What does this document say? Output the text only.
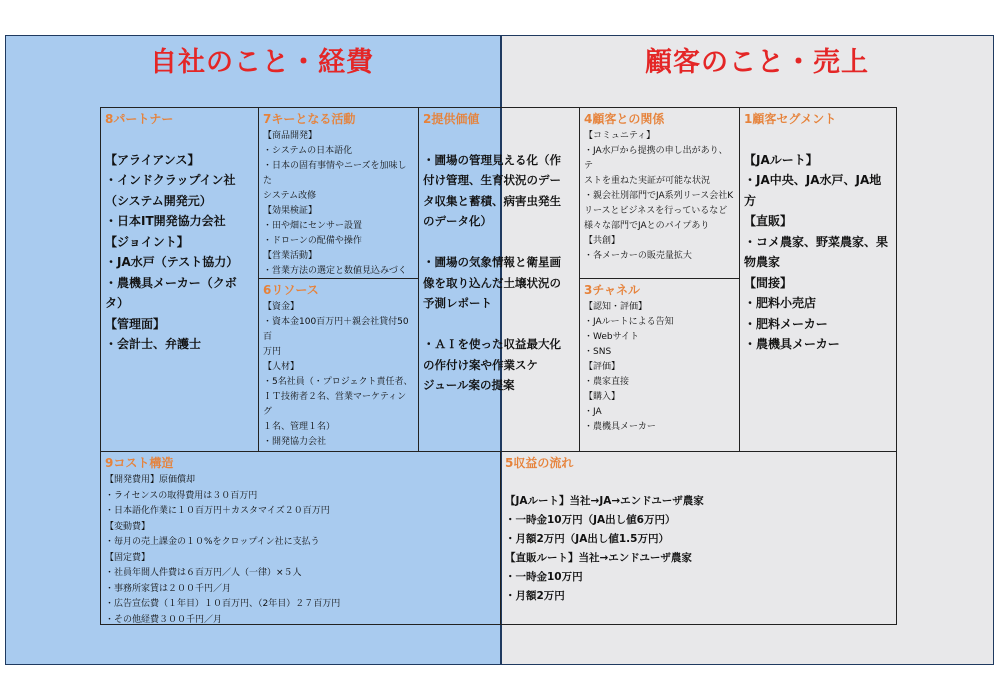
自社のこと・経費	顧客のこと・売上
8パートナー

【アライアンス】
・インドクラップイン社
（システム開発元）
・日本IT開発協力会社
【ジョイント】
・JA水戸（テスト協力）
・農機具メーカー（クボ
タ）
【管理面】
・会計士、弁護士
7キーとなる活動
【商品開発】
・システムの日本語化
・日本の固有事情やニーズを加味した
システム改修
【効果検証】
・田や畑にセンサー設置
・ドローンの配備や操作
【営業活動】
・営業方法の選定と数値見込みづく
6リソース
【資金】
・資本金100百万円＋親会社貸付50百
万円
【人材】
・5名社員（・プロジェクト責任者、
ＩＴ技術者２名、営業マーケティング
１名、管理１名）
・開発協力会社
2提供価値

・圃場の管理見える化（作
付け管理、生育状況のデー
タ収集と蓄積、病害虫発生
のデータ化）

・圃場の気象情報と衛星画
像を取り込んだ土壌状況の
予測レポート

・ＡＩを使った収益最大化
の作付け案や作業スケ
ジュール案の提案
4顧客との関係
【コミュニティ】
・JA水戸から提携の申し出があり、テ
ストを重ねた実証が可能な状況
・親会社別部門でJA系列リース会社K
リースとビジネスを行っているなど
様々な部門でJAとのパイプあり
【共創】
・各メーカーの販売量拡大
3チャネル
【認知・評価】
・JAルートによる告知
・Webサイト
・SNS
【評価】
・農家直接
【購入】
・JA
・農機具メーカー
1顧客セグメント

【JAルート】
・JA中央、JA水戸、JA地方
【直販】
・コメ農家、野菜農家、果
物農家
【間接】
・肥料小売店
・肥料メーカー
・農機具メーカー
9コスト構造
【開発費用】原価償却
・ライセンスの取得費用は３０百万円
・日本語化作業に１０百万円＋カスタマイズ２０百万円
【変動費】
・毎月の売上課金の１０%をクロップイン社に支払う
【固定費】
・社員年間人件費は６百万円／人（一律）×５人
・事務所家賃は２００千円／月
・広告宣伝費（１年目）１０百万円、（2年目）２７百万円
・その他経費３００千円／月
5収益の流れ

【JAルート】当社→JA→エンドユーザ農家
・一時金10万円（JA出し値6万円）
・月額2万円（JA出し値1.5万円）
【直販ルート】当社→エンドユーザ農家
・一時金10万円
・月額2万円
